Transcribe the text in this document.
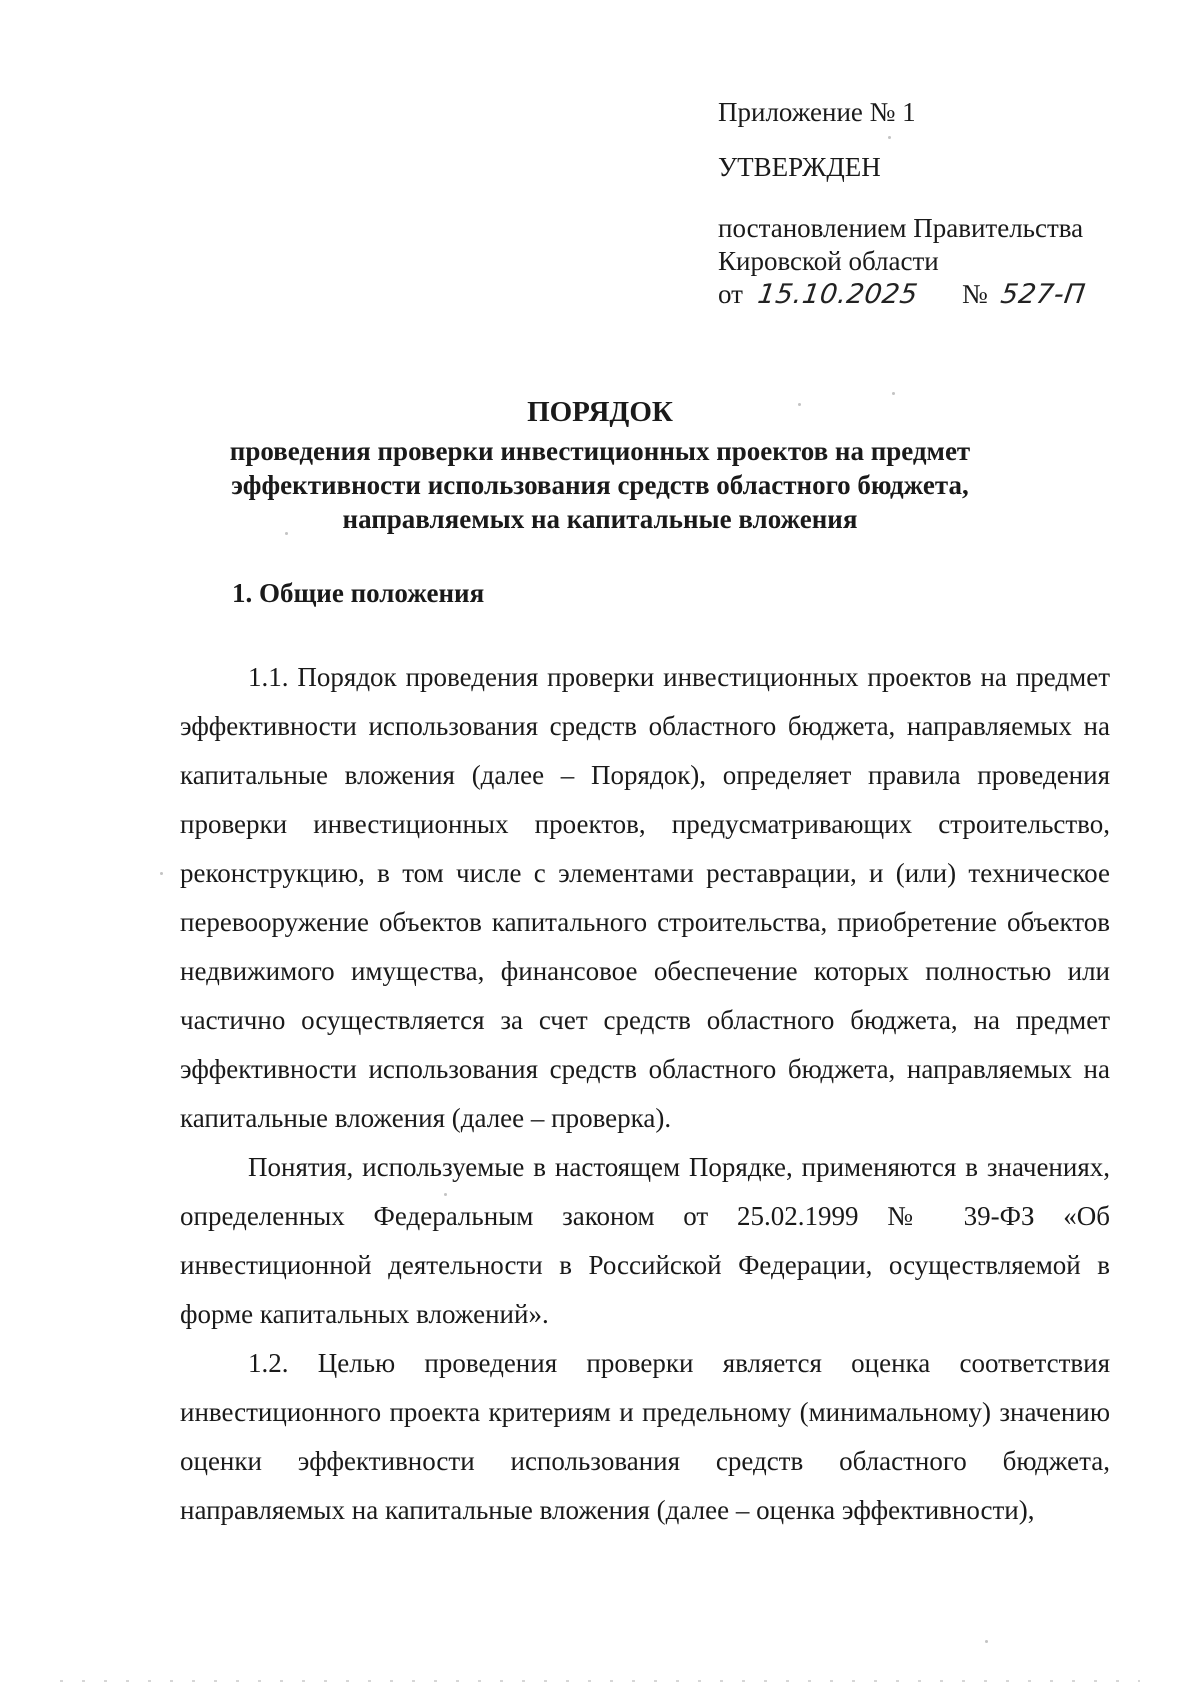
Приложение № 1

УТВЕРЖДЕН

постановлением Правительства

Кировской области

от 15.10.2025 № 527-П

ПОРЯДОК

проведения проверки инвестиционных проектов на предмет

эффективности использования средств областного бюджета,

направляемых на капитальные вложения

1. Общие положения

1.1. Порядок проведения проверки инвестиционных проектов на предмет эффективности использования средств областного бюджета, направляемых на капитальные вложения (далее – Порядок), определяет правила проведения проверки инвестиционных проектов, предусматривающих строительство, реконструкцию, в том числе с элементами реставрации, и (или) техническое перевооружение объектов капитального строительства, приобретение объектов недвижимого имущества, финансовое обеспечение которых полностью или частично осуществляется за счет средств областного бюджета, на предмет эффективности использования средств областного бюджета, направляемых на капитальные вложения (далее – проверка).

Понятия, используемые в настоящем Порядке, применяются в значениях, определенных Федеральным законом от 25.02.1999 № 39-ФЗ «Об инвестиционной деятельности в Российской Федерации, осуществляемой в форме капитальных вложений».

1.2. Целью проведения проверки является оценка соответствия инвестиционного проекта критериям и предельному (минимальному) значению оценки эффективности использования средств областного бюджета, направляемых на капитальные вложения (далее – оценка эффективности),
